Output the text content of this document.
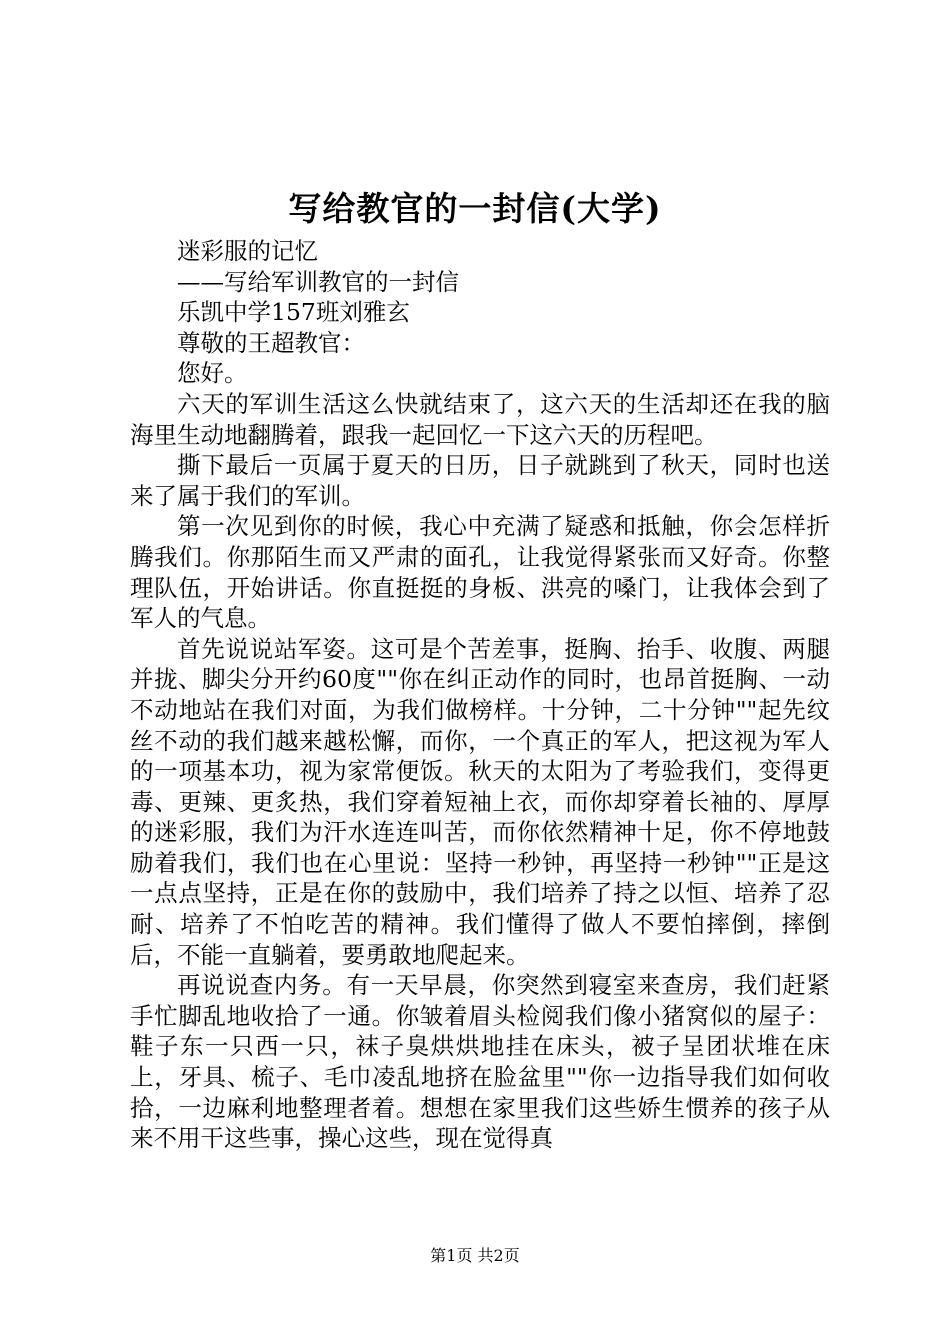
写给教官的一封信(大学)

迷彩服的记忆

——写给军训教官的一封信

乐凯中学157班刘雅玄

尊敬的王超教官：

您好。

六天的军训生活这么快就结束了，这六天的生活却还在我的脑海里生动地翻腾着，跟我一起回忆一下这六天的历程吧。

撕下最后一页属于夏天的日历，日子就跳到了秋天，同时也送来了属于我们的军训。

第一次见到你的时候，我心中充满了疑惑和抵触，你会怎样折腾我们。你那陌生而又严肃的面孔，让我觉得紧张而又好奇。你整理队伍，开始讲话。你直挺挺的身板、洪亮的嗓门，让我体会到了军人的气息。

首先说说站军姿。这可是个苦差事，挺胸、抬手、收腹、两腿并拢、脚尖分开约60度""你在纠正动作的同时，也昂首挺胸、一动不动地站在我们对面，为我们做榜样。十分钟，二十分钟""起先纹丝不动的我们越来越松懈，而你，一个真正的军人，把这视为军人的一项基本功，视为家常便饭。秋天的太阳为了考验我们，变得更毒、更辣、更炙热，我们穿着短袖上衣，而你却穿着长袖的、厚厚的迷彩服，我们为汗水连连叫苦，而你依然精神十足，你不停地鼓励着我们，我们也在心里说：坚持一秒钟，再坚持一秒钟""正是这一点点坚持，正是在你的鼓励中，我们培养了持之以恒、培养了忍耐、培养了不怕吃苦的精神。我们懂得了做人不要怕摔倒，摔倒后，不能一直躺着，要勇敢地爬起来。

再说说查内务。有一天早晨，你突然到寝室来查房，我们赶紧手忙脚乱地收拾了一通。你皱着眉头检阅我们像小猪窝似的屋子：鞋子东一只西一只，袜子臭烘烘地挂在床头，被子呈团状堆在床上，牙具、梳子、毛巾凌乱地挤在脸盆里""你一边指导我们如何收拾，一边麻利地整理者着。想想在家里我们这些娇生惯养的孩子从来不用干这些事，操心这些，现在觉得真

第1页 共2页
